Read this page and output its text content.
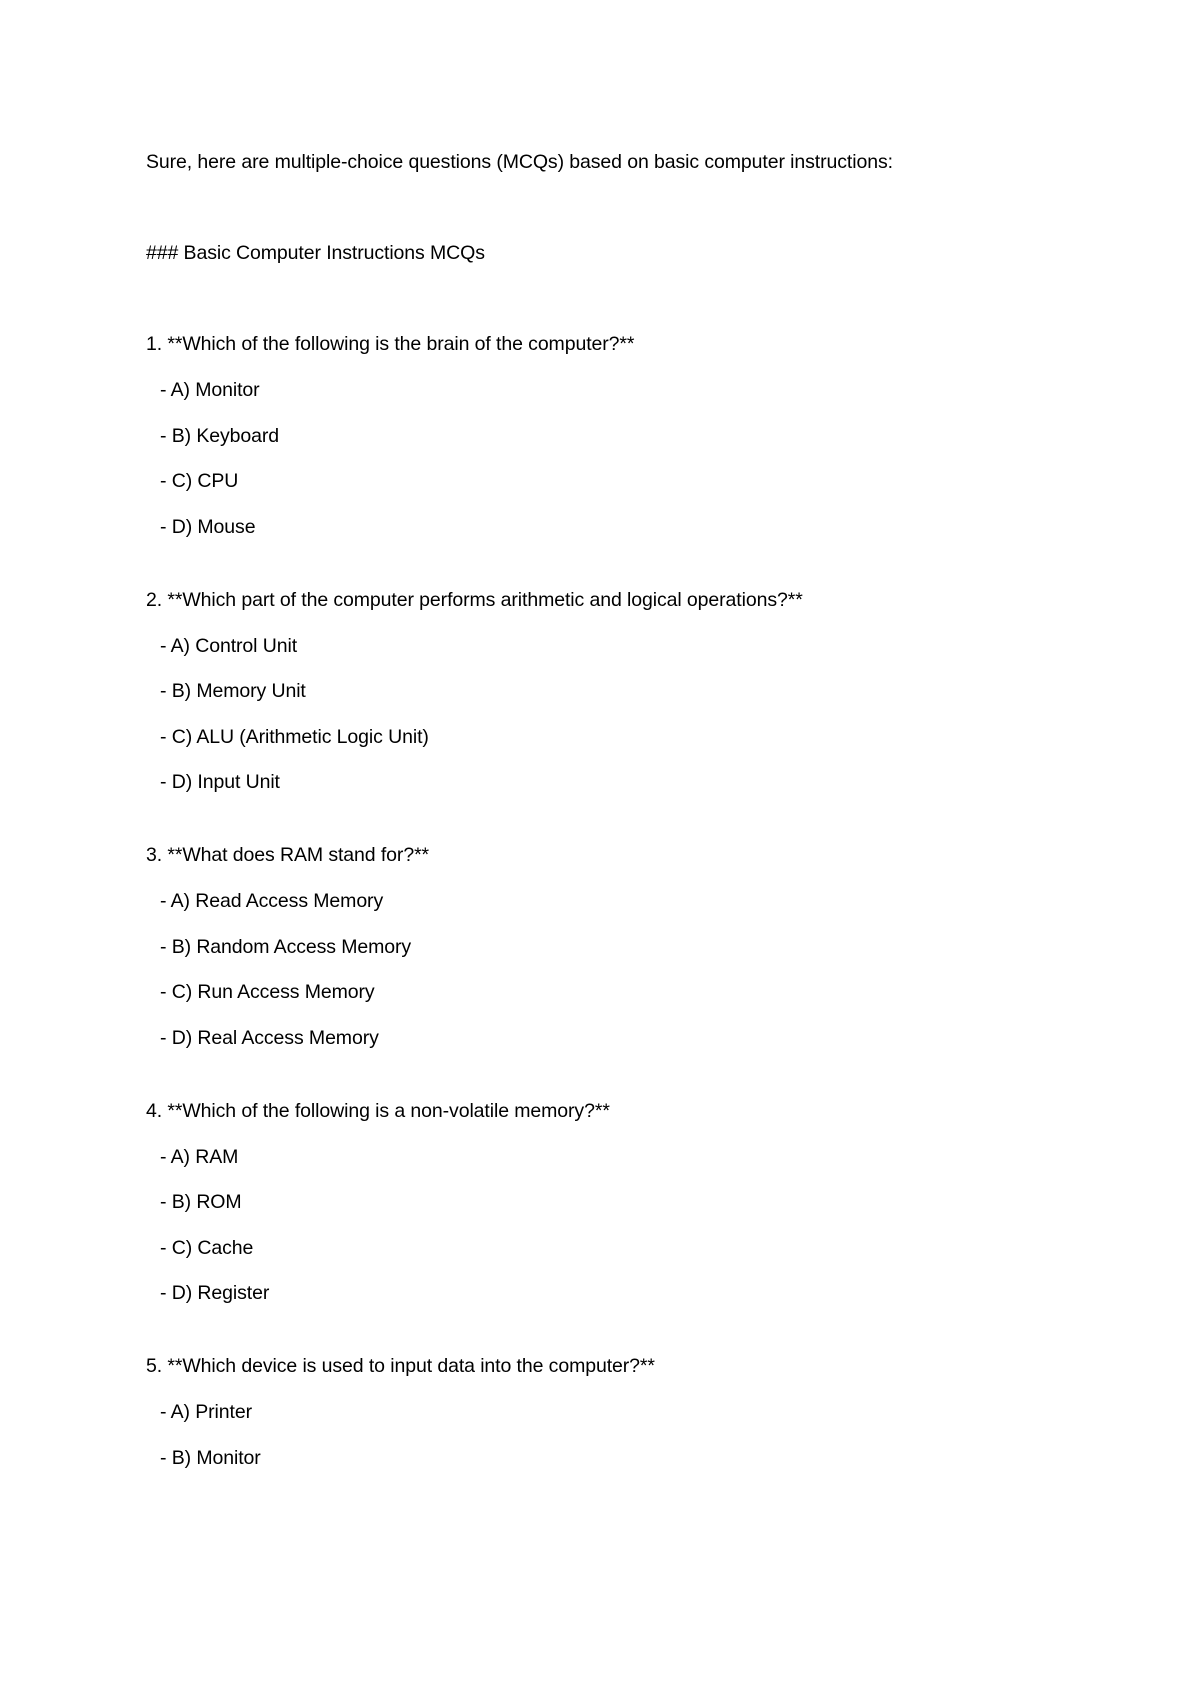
Sure, here are multiple-choice questions (MCQs) based on basic computer instructions:
### Basic Computer Instructions MCQs
1. **Which of the following is the brain of the computer?**
- A) Monitor
- B) Keyboard
- C) CPU
- D) Mouse
2. **Which part of the computer performs arithmetic and logical operations?**
- A) Control Unit
- B) Memory Unit
- C) ALU (Arithmetic Logic Unit)
- D) Input Unit
3. **What does RAM stand for?**
- A) Read Access Memory
- B) Random Access Memory
- C) Run Access Memory
- D) Real Access Memory
4. **Which of the following is a non-volatile memory?**
- A) RAM
- B) ROM
- C) Cache
- D) Register
5. **Which device is used to input data into the computer?**
- A) Printer
- B) Monitor
